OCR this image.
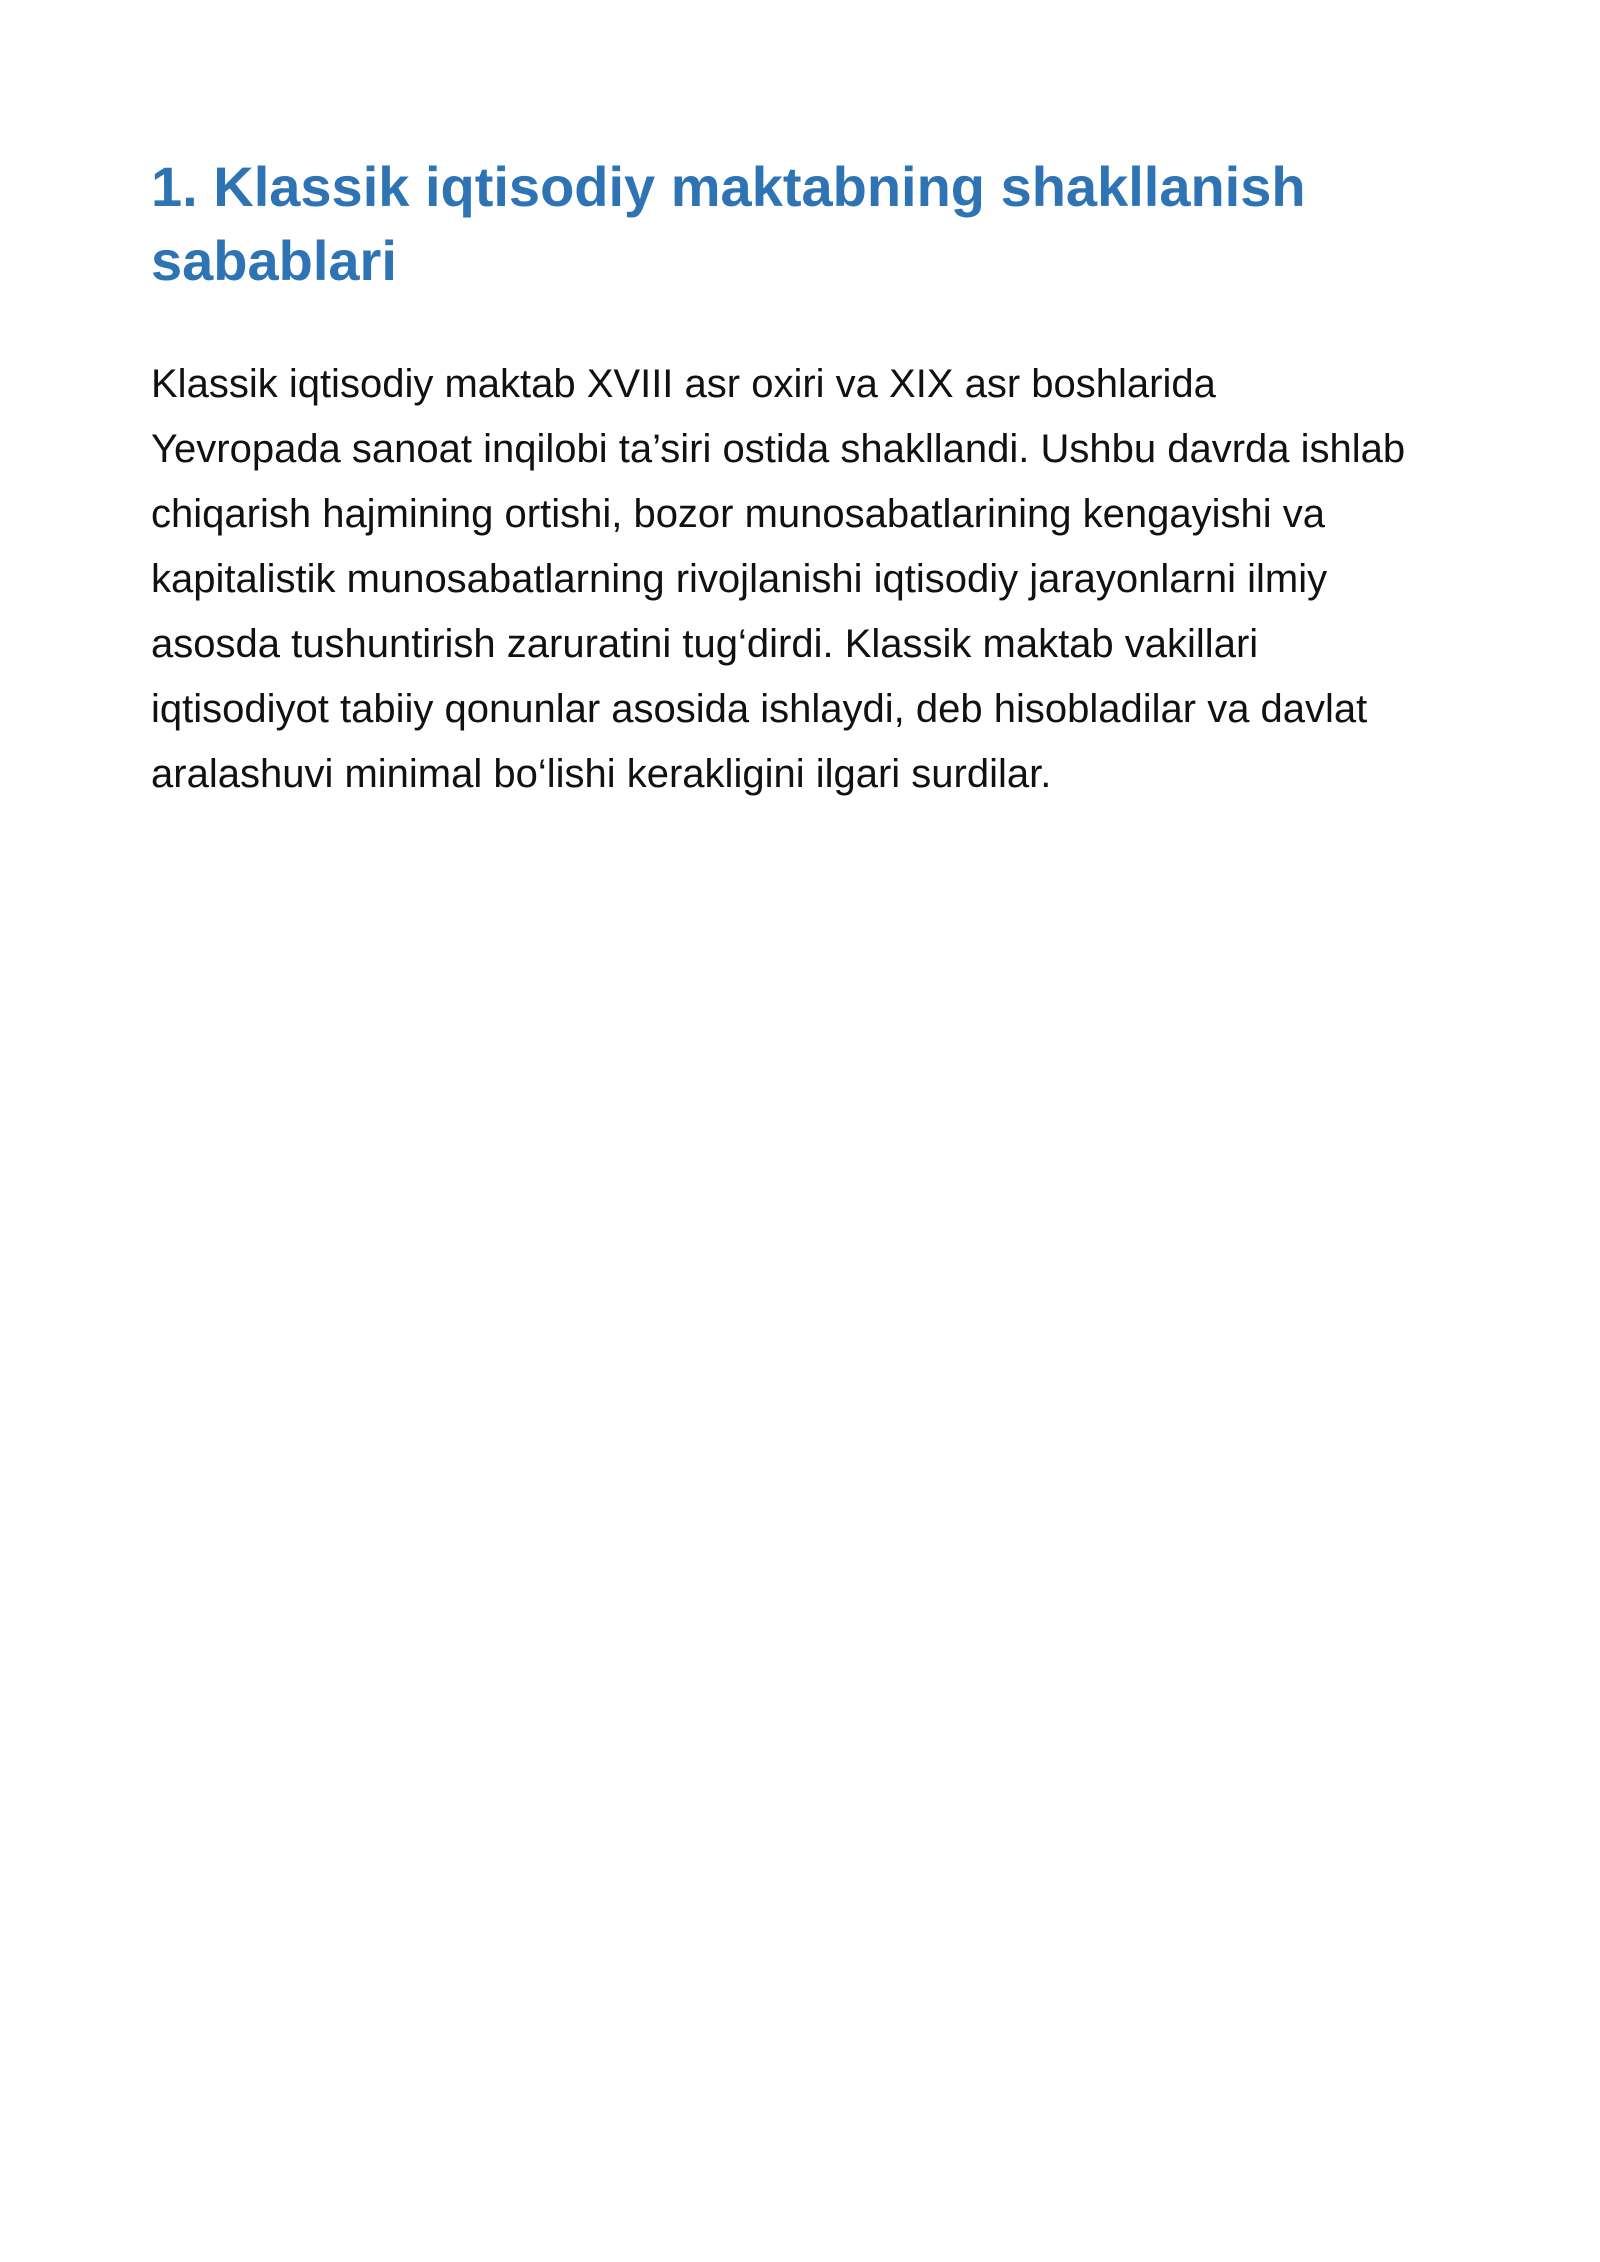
1. Klassik iqtisodiy maktabning shakllanish sabablari

Klassik iqtisodiy maktab XVIII asr oxiri va XIX asr boshlarida Yevropada sanoat inqilobi ta’siri ostida shakllandi. Ushbu davrda ishlab chiqarish hajmining ortishi, bozor munosabatlarining kengayishi va kapitalistik munosabatlarning rivojlanishi iqtisodiy jarayonlarni ilmiy asosda tushuntirish zaruratini tug‘dirdi. Klassik maktab vakillari iqtisodiyot tabiiy qonunlar asosida ishlaydi, deb hisobladilar va davlat aralashuvi minimal bo‘lishi kerakligini ilgari surdilar.
